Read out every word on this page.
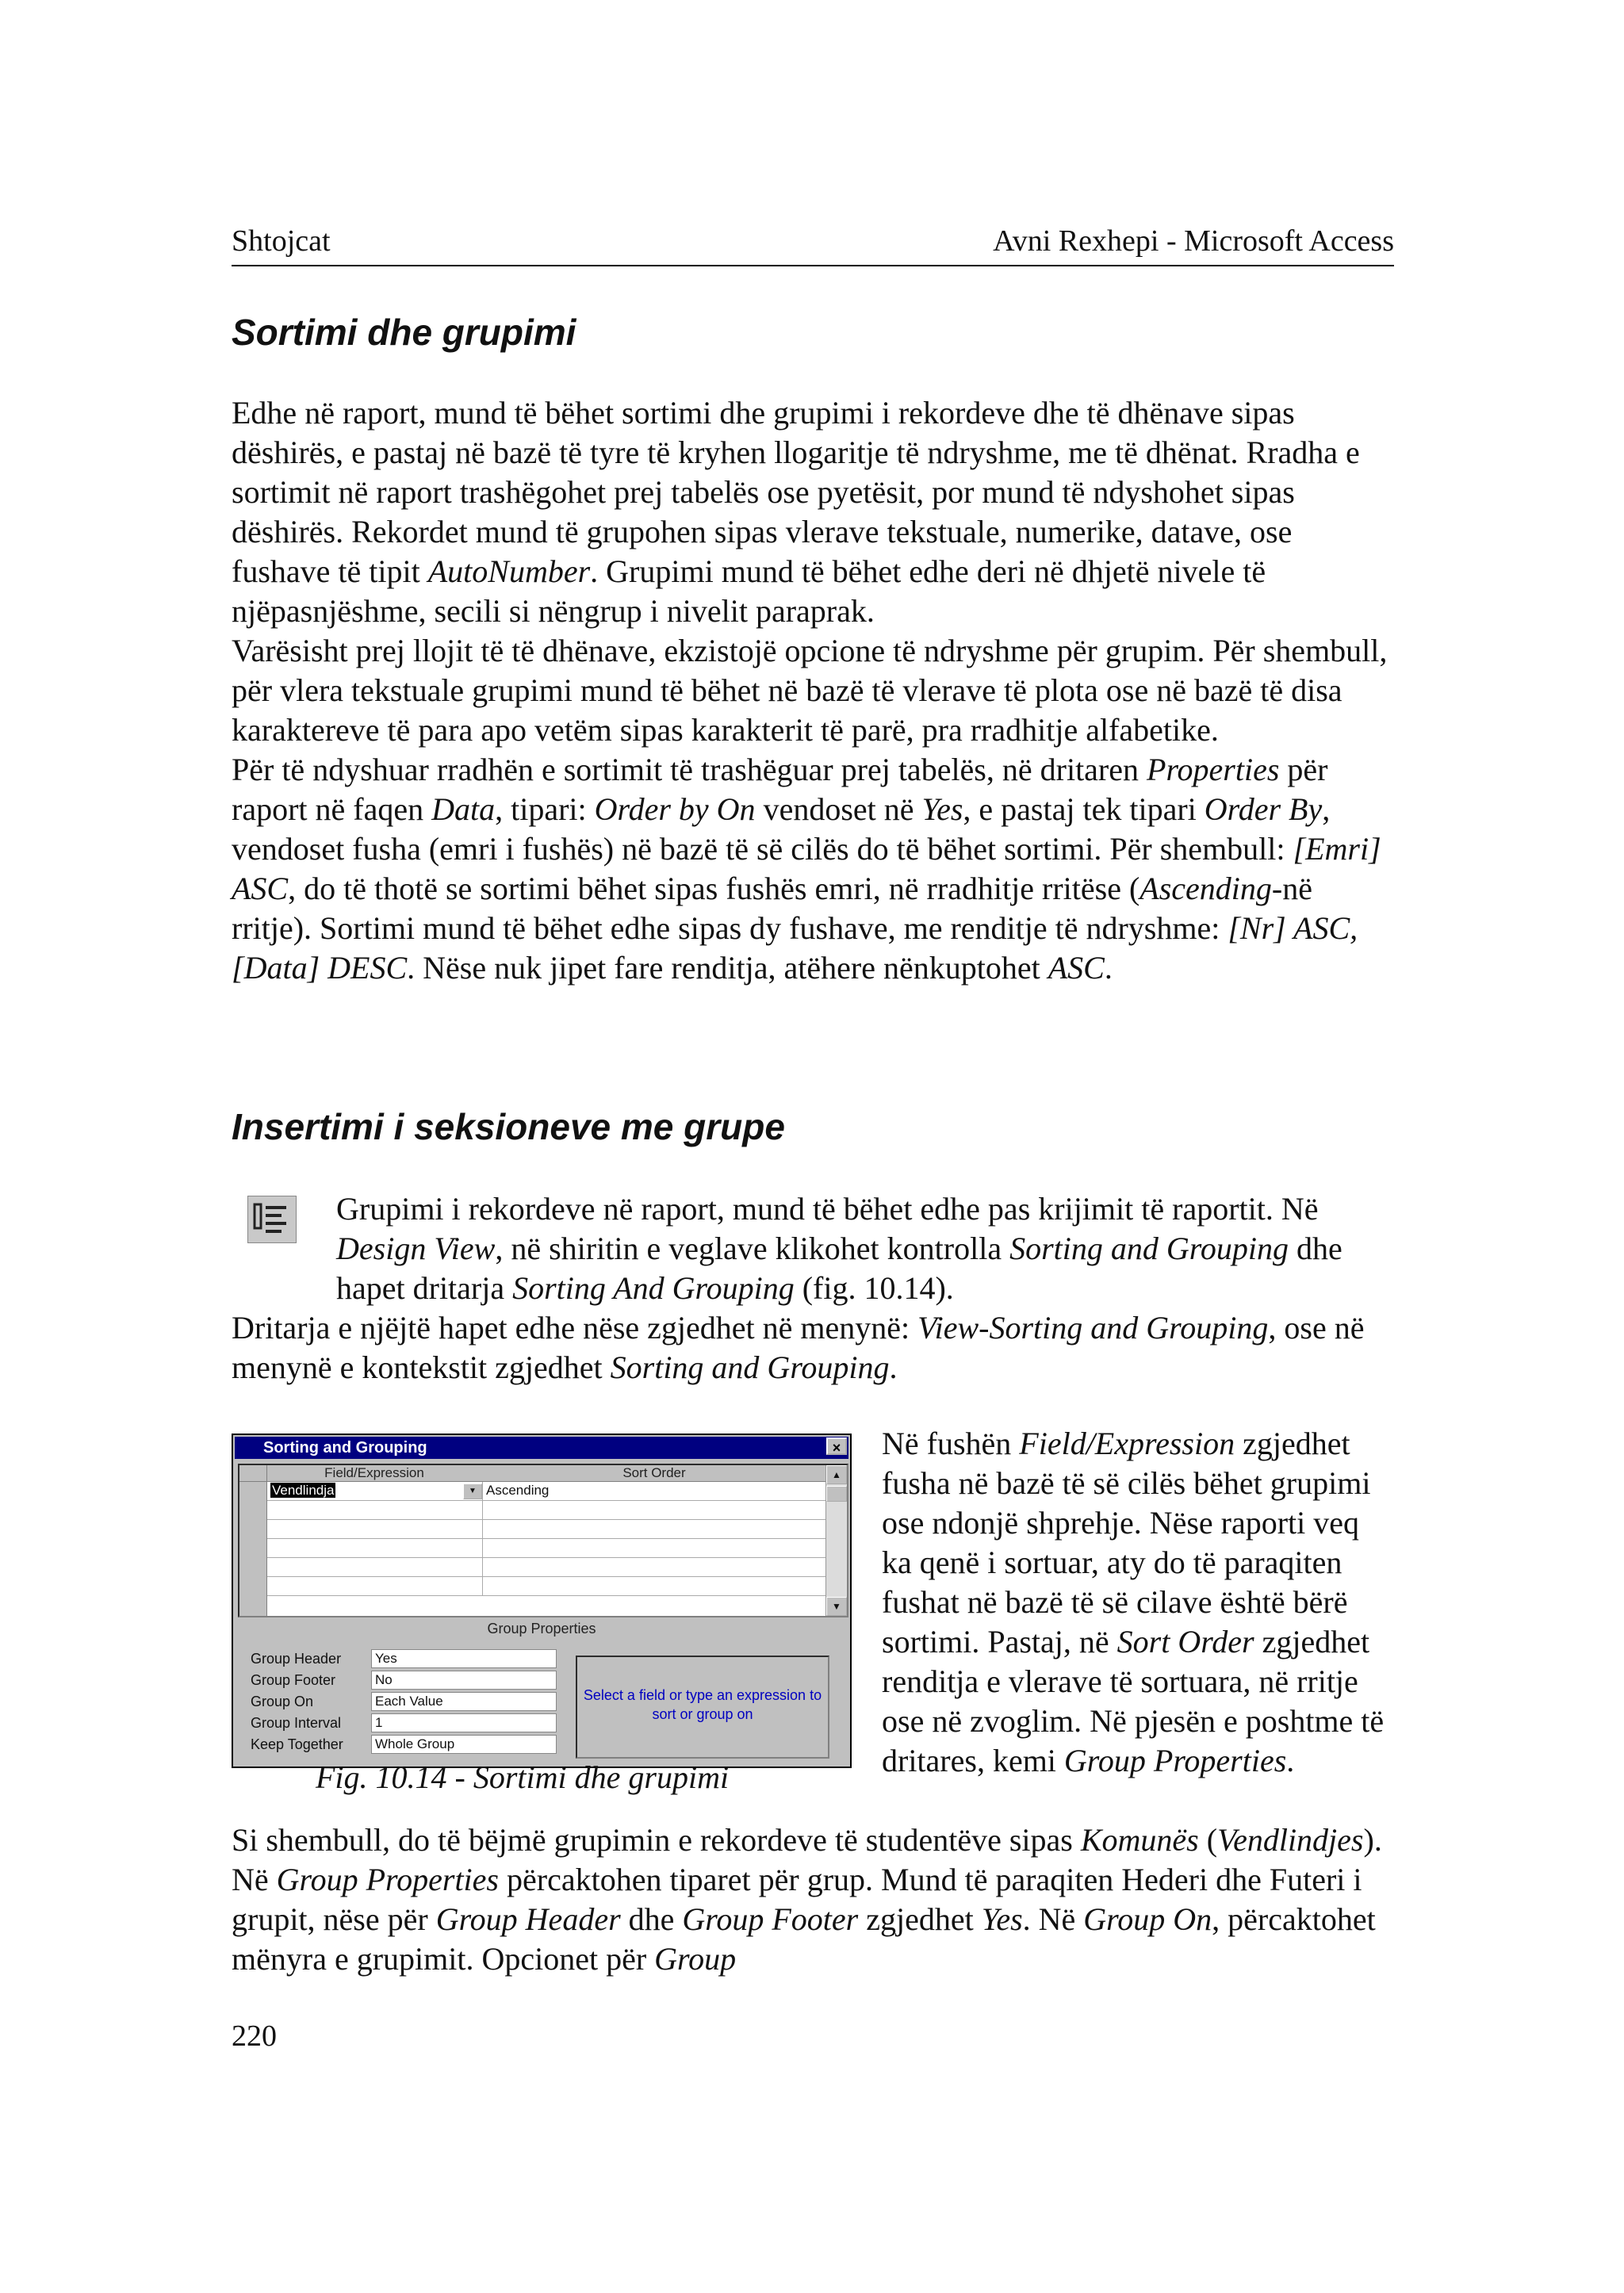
Shtojcat	Avni Rexhepi - Microsoft Access
Sortimi dhe grupimi

Edhe në raport, mund të bëhet sortimi dhe grupimi i rekordeve dhe të dhënave sipas dëshirës, e pastaj në bazë të tyre të kryhen llogaritje të ndryshme, me të dhënat. Rradha e sortimit në raport trashëgohet prej tabelës ose pyetësit, por mund të ndyshohet sipas dëshirës. Rekordet mund të grupohen sipas vlerave tekstuale, numerike, datave, ose fushave të tipit AutoNumber. Grupimi mund të bëhet edhe deri në dhjetë nivele të njëpasnjëshme, secili si nëngrup i nivelit paraprak.

Varësisht prej llojit të të dhënave, ekzistojë opcione të ndryshme për grupim. Për shembull, për vlera tekstuale grupimi mund të bëhet në bazë të vlerave të plota ose në bazë të disa karaktereve të para apo vetëm sipas karakterit të parë, pra rradhitje alfabetike.

Për të ndyshuar rradhën e sortimit të trashëguar prej tabelës, në dritaren Properties për raport në faqen Data, tipari: Order by On vendoset në Yes, e pastaj tek tipari Order By, vendoset fusha (emri i fushës) në bazë të së cilës do të bëhet sortimi. Për shembull: [Emri] ASC, do të thotë se sortimi bëhet sipas fushës emri, në rradhitje rritëse (Ascending-në rritje). Sortimi mund të bëhet edhe sipas dy fushave, me renditje të ndryshme: [Nr] ASC, [Data] DESC. Nëse nuk jipet fare renditja, atëhere nënkuptohet ASC.

Insertimi i seksioneve me grupe

Grupimi i rekordeve në raport, mund të bëhet edhe pas krijimit të raportit. Në Design View, në shiritin e veglave klikohet kontrolla Sorting and Grouping dhe hapet dritarja Sorting And Grouping (fig. 10.14).

Dritarja e njëjtë hapet edhe nëse zgjedhet në menynë: View-Sorting and Grouping, ose në menynë e kontekstit zgjedhet Sorting and Grouping.

Sorting and Grouping	×
Field/Expression	Sort Order
Vendlindja	▼ Ascending
▲
▼
Group Properties
Group Header	Yes
Group Footer	No
Group On	Each Value
Group Interval	1
Keep Together Whole Group
Select a field or type an expression to sort or group on
Fig. 10.14 - Sortimi dhe grupimi

Në fushën Field/Expression zgjedhet fusha në bazë të së cilës bëhet grupimi ose ndonjë shprehje. Nëse raporti veq ka qenë i sortuar, aty do të paraqiten fushat në bazë të së cilave është bërë sortimi. Pastaj, në Sort Order zgjedhet renditja e vlerave të sortuara, në rritje ose në zvoglim. Në pjesën e poshtme të dritares, kemi Group Properties.

Si shembull, do të bëjmë grupimin e rekordeve të studentëve sipas Komunës (Vendlindjes). Në Group Properties përcaktohen tiparet për grup. Mund të paraqiten Hederi dhe Futeri i grupit, nëse për Group Header dhe Group Footer zgjedhet Yes. Në Group On, përcaktohet mënyra e grupimit. Opcionet për Group

220
